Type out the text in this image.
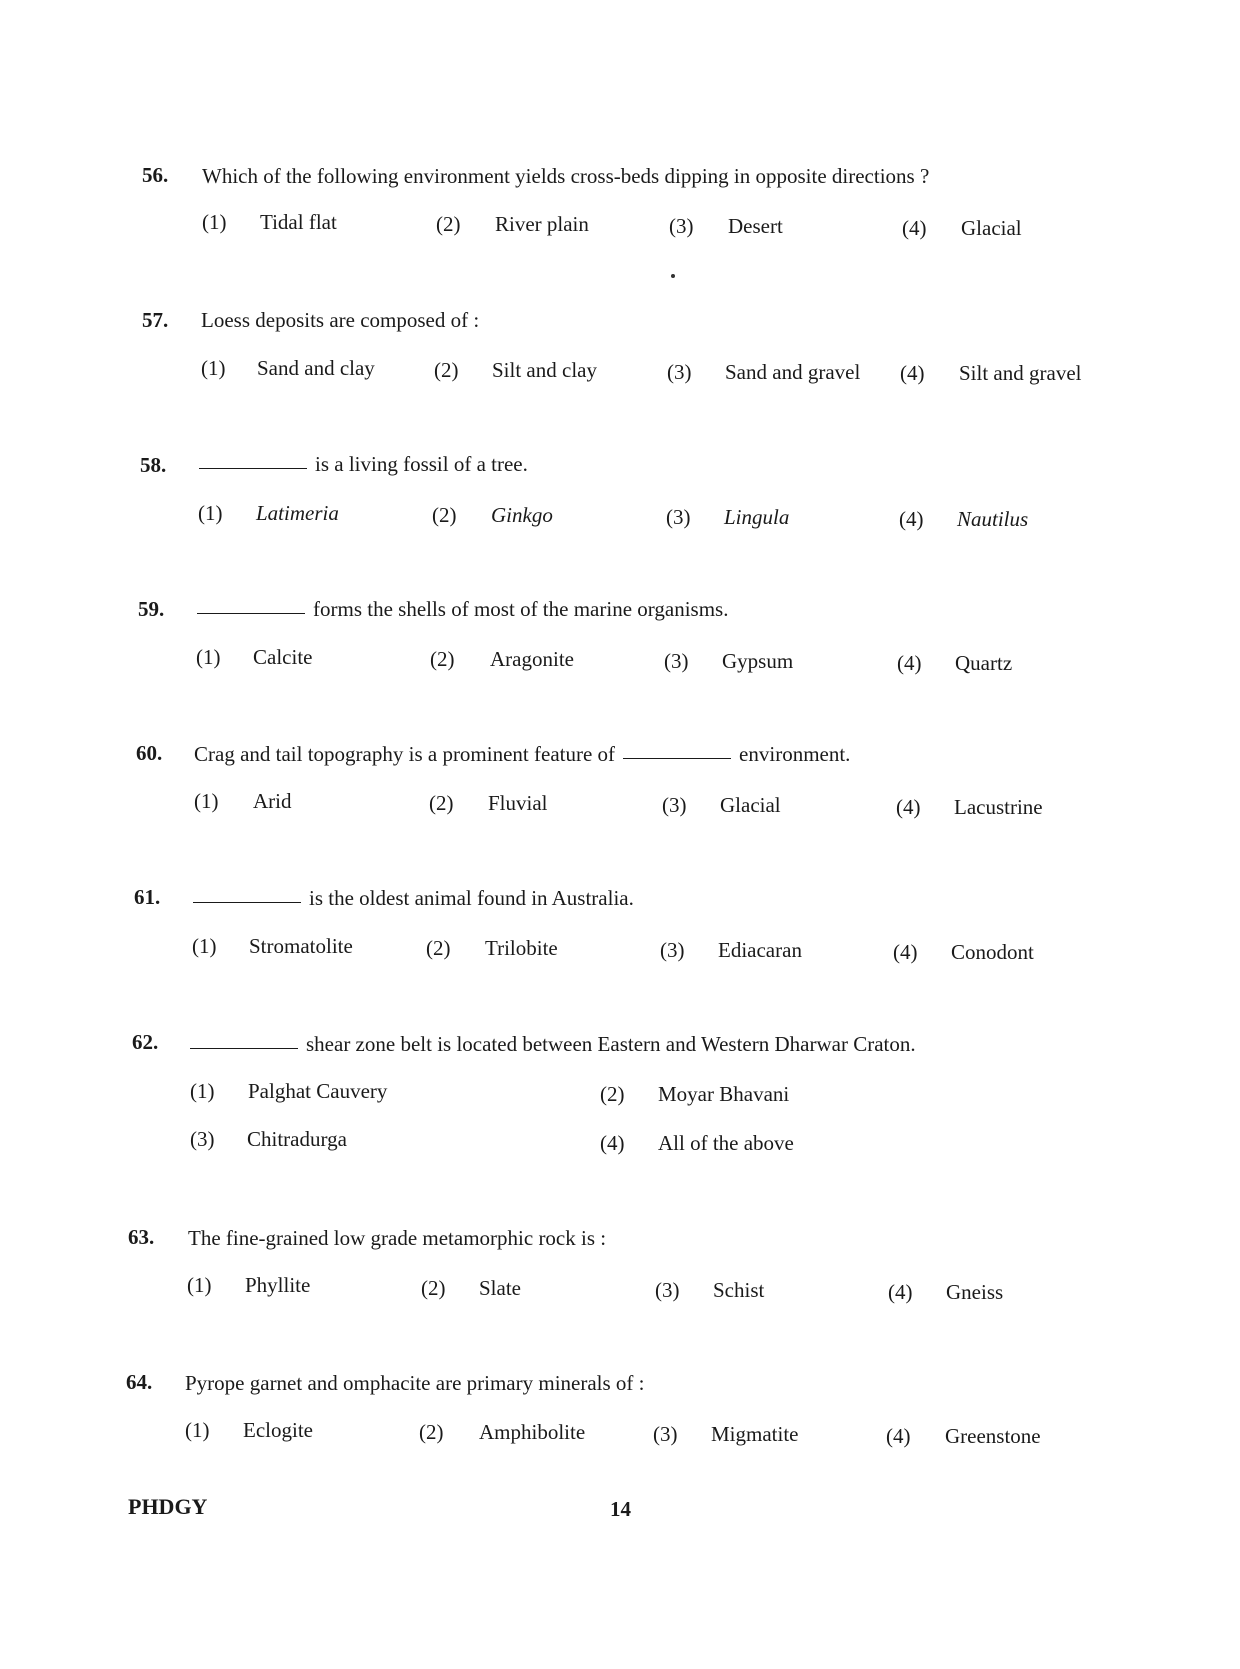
56. Which of the following environment yields cross-beds dipping in opposite directions ?
(1) Tidal flat	(2) River plain	(3) Desert	(4) Glacial
57. Loess deposits are composed of :
(1) Sand and clay	(2) Silt and clay	(3) Sand and gravel (4) Silt and gravel
58.	is a living fossil of a tree.
(1) Latimeria	(2) Ginkgo	(3) Lingula	(4) Nautilus
59.	forms the shells of most of the marine organisms.
(1) Calcite	(2) Aragonite	(3) Gypsum	(4) Quartz
60. Crag and tail topography is a prominent feature of	environment.
(1) Arid	(2) Fluvial	(3) Glacial	(4) Lacustrine
61.	is the oldest animal found in Australia.
(1) Stromatolite	(2) Trilobite	(3) Ediacaran	(4) Conodont
62.	shear zone belt is located between Eastern and Western Dharwar Craton.
(1) Palghat Cauvery	(2) Moyar Bhavani
(3) Chitradurga	(4) All of the above
63. The fine-grained low grade metamorphic rock is :
(1) Phyllite	(2) Slate	(3) Schist	(4) Gneiss
64. Pyrope garnet and omphacite are primary minerals of :
(1) Eclogite	(2) Amphibolite	(3) Migmatite	(4) Greenstone
PHDGY	14
